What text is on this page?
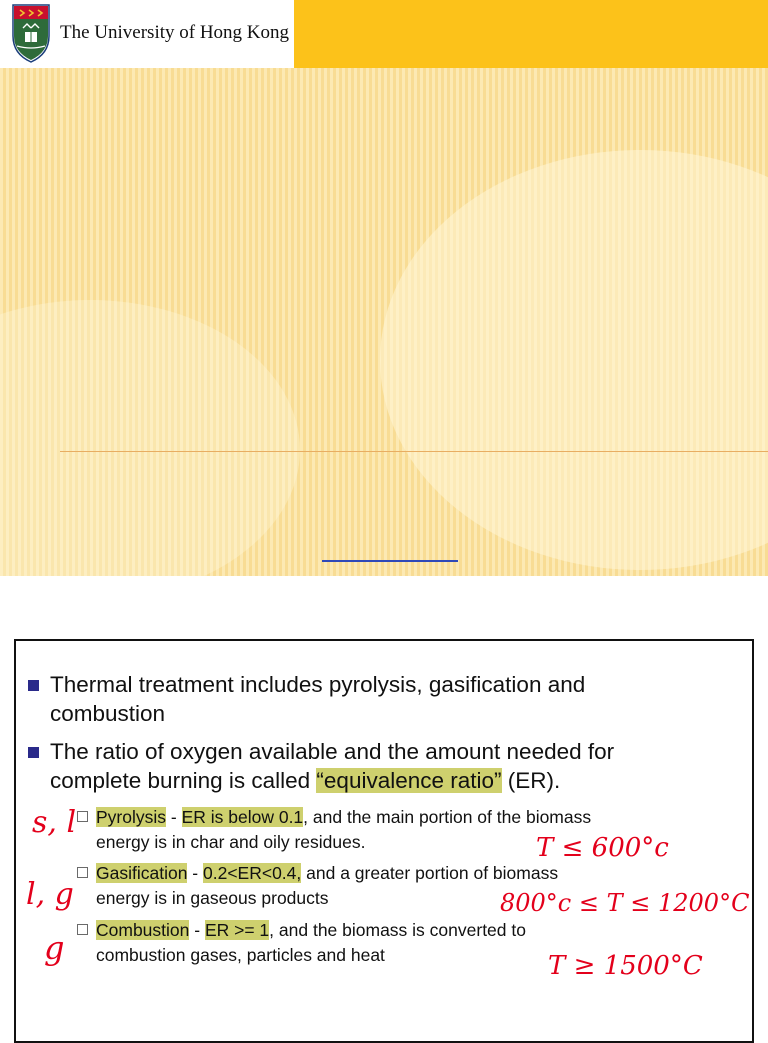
The University of Hong Kong
Thermal treatment includes pyrolysis, gasification and
combustion
The ratio of oxygen available and the amount needed for
complete burning is called “equivalence ratio” (ER).
Pyrolysis - ER is below 0.1, and the main portion of the biomass
energy is in char and oily residues.
Gasification - 0.2<ER<0.4, and a greater portion of biomass
energy is in gaseous products
Combustion - ER >= 1, and the biomass is converted to
combustion gases, particles and heat
s, l
l, g
g
T ≤ 600°c
800°c ≤ T ≤ 1200°C
T ≥ 1500°C
